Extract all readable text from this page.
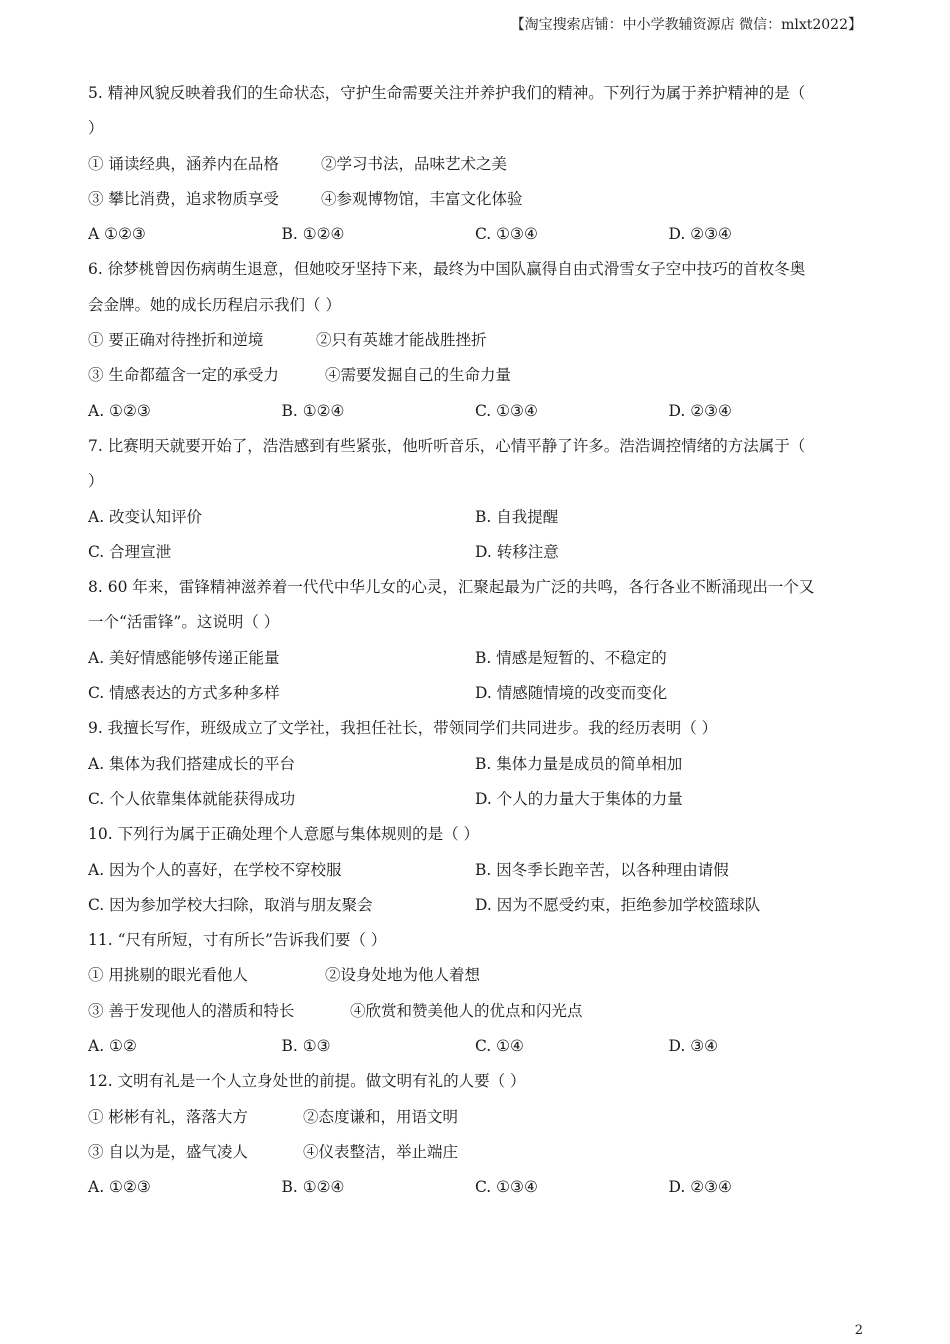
【淘宝搜索店铺：中小学教辅资源店 微信：mlxt2022】
5. 精神风貌反映着我们的生命状态，守护生命需要关注并养护我们的精神。下列行为属于养护精神的是（
）
① 诵读经典，涵养内在品格	②学习书法，品味艺术之美
③ 攀比消费，追求物质享受	④参观博物馆，丰富文化体验
A ①②③	B. ①②④	C. ①③④	D. ②③④
6. 徐梦桃曾因伤病萌生退意，但她咬牙坚持下来，最终为中国队赢得自由式滑雪女子空中技巧的首枚冬奥
会金牌。她的成长历程启示我们（ ）
① 要正确对待挫折和逆境	②只有英雄才能战胜挫折
③ 生命都蕴含一定的承受力	④需要发掘自己的生命力量
A. ①②③	B. ①②④	C. ①③④	D. ②③④
7. 比赛明天就要开始了，浩浩感到有些紧张，他听听音乐，心情平静了许多。浩浩调控情绪的方法属于（
）
A. 改变认知评价	B. 自我提醒
C. 合理宣泄	D. 转移注意
8. 60 年来，雷锋精神滋养着一代代中华儿女的心灵，汇聚起最为广泛的共鸣，各行各业不断涌现出一个又
一个“活雷锋”。这说明（ ）
A. 美好情感能够传递正能量	B. 情感是短暂的、不稳定的
C. 情感表达的方式多种多样	D. 情感随情境的改变而变化
9. 我擅长写作，班级成立了文学社，我担任社长，带领同学们共同进步。我的经历表明（ ）
A. 集体为我们搭建成长的平台	B. 集体力量是成员的简单相加
C. 个人依靠集体就能获得成功	D. 个人的力量大于集体的力量
10. 下列行为属于正确处理个人意愿与集体规则的是（ ）
A. 因为个人的喜好，在学校不穿校服	B. 因冬季长跑辛苦，以各种理由请假
C. 因为参加学校大扫除，取消与朋友聚会	D. 因为不愿受约束，拒绝参加学校篮球队
11. “尺有所短，寸有所长”告诉我们要（ ）
① 用挑剔的眼光看他人	②设身处地为他人着想
③ 善于发现他人的潜质和特长	④欣赏和赞美他人的优点和闪光点
A. ①②	B. ①③	C. ①④	D. ③④
12. 文明有礼是一个人立身处世的前提。做文明有礼的人要（ ）
① 彬彬有礼，落落大方	②态度谦和，用语文明
③ 自以为是，盛气凌人	④仪表整洁，举止端庄
A. ①②③	B. ①②④	C. ①③④	D. ②③④
2
